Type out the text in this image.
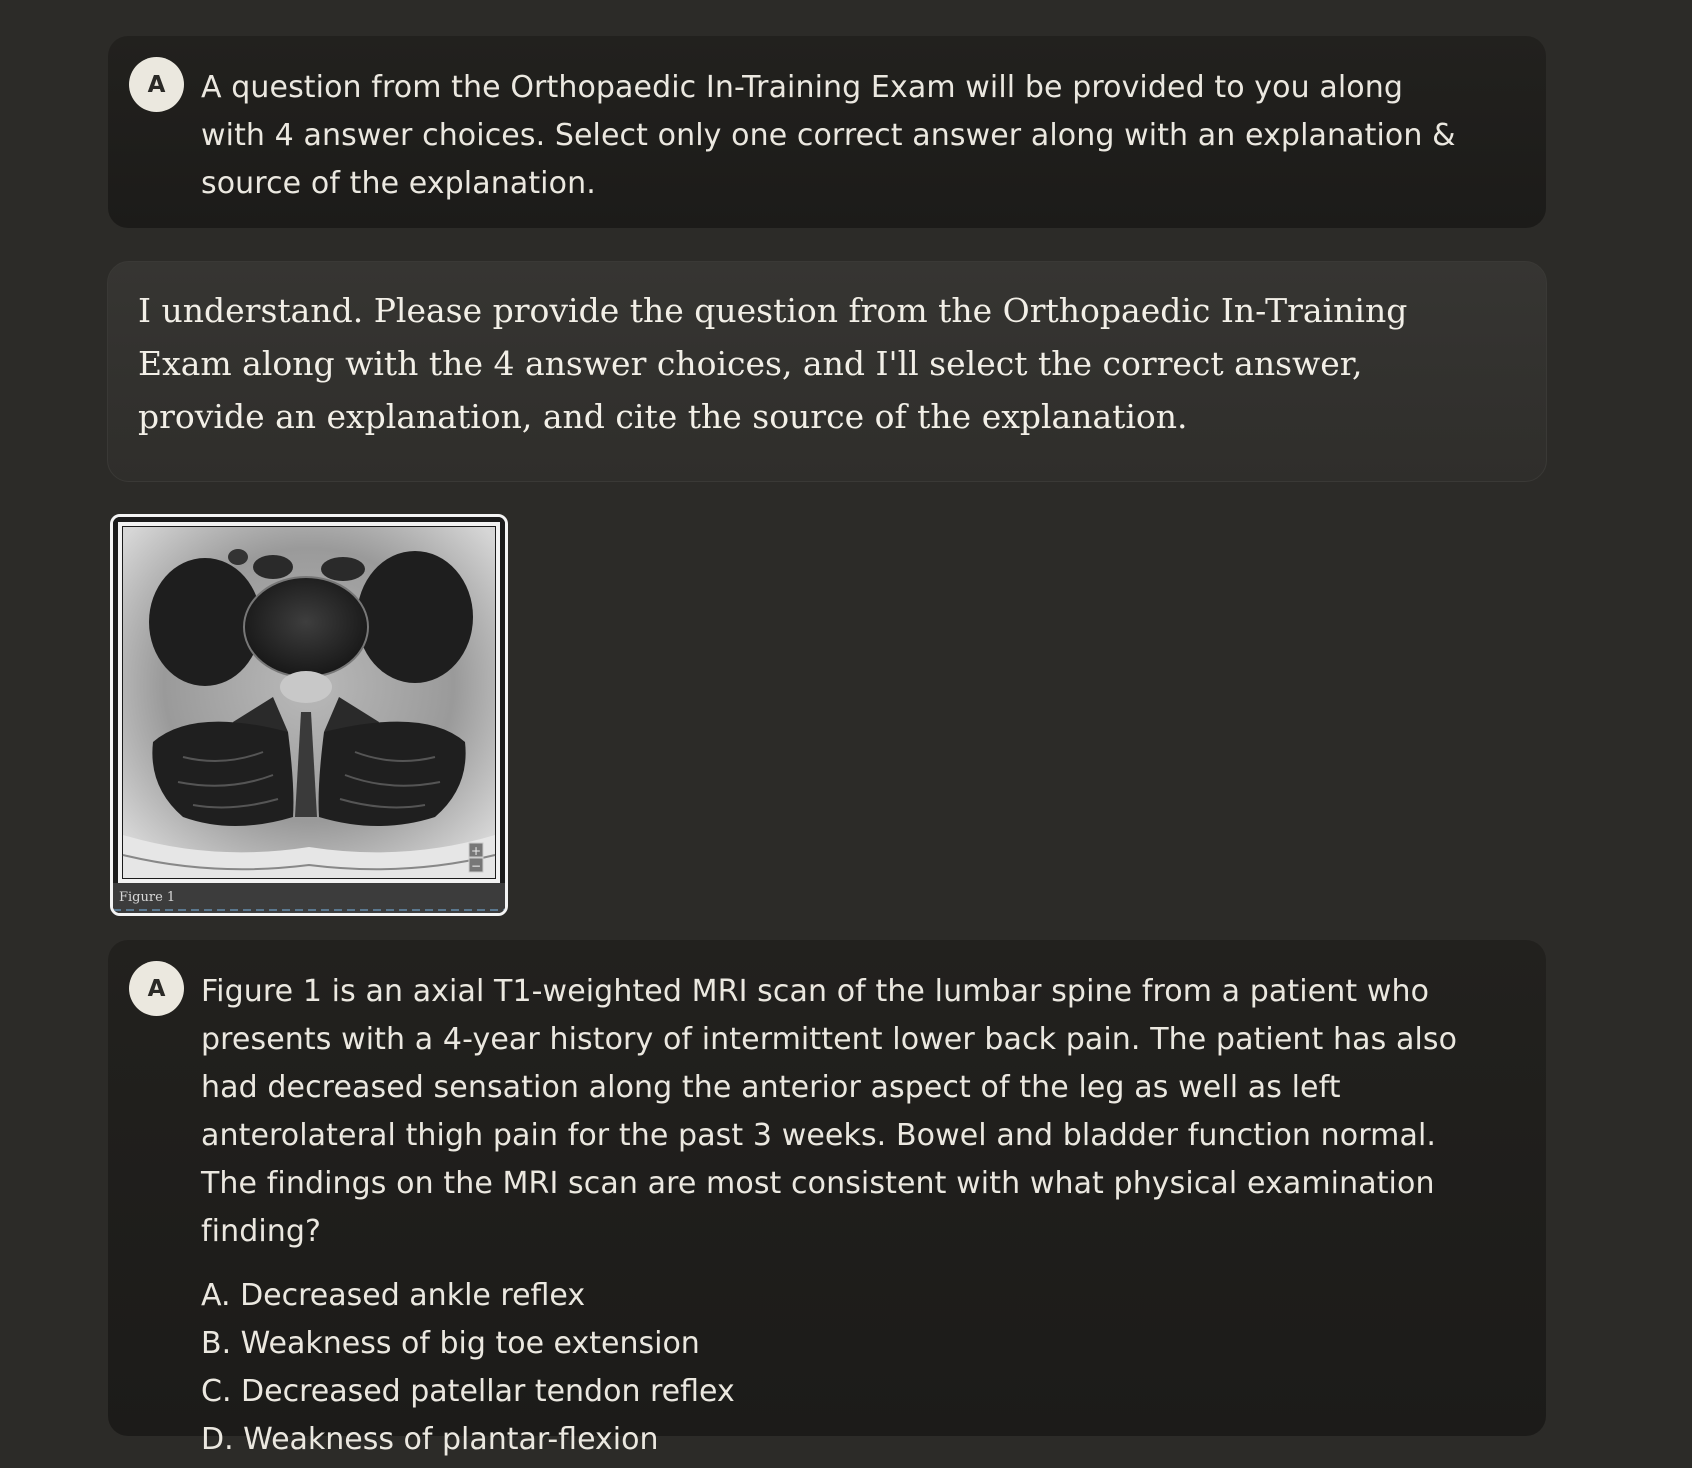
A	A question from the Orthopaedic In-Training Exam will be provided to you along with 4 answer choices. Select only one correct answer along with an explanation & source of the explanation.

I understand. Please provide the question from the Orthopaedic In-Training Exam along with the 4 answer choices, and I'll select the correct answer, provide an explanation, and cite the source of the explanation.

+
−
Figure 1
A	Figure 1 is an axial T1-weighted MRI scan of the lumbar spine from a patient who presents with a 4-year history of intermittent lower back pain. The patient has also had decreased sensation along the anterior aspect of the leg as well as left anterolateral thigh pain for the past 3 weeks. Bowel and bladder function normal. The findings on the MRI scan are most consistent with what physical examination finding?

A. Decreased ankle reflex
B. Weakness of big toe extension
C. Decreased patellar tendon reflex
D. Weakness of plantar-flexion
